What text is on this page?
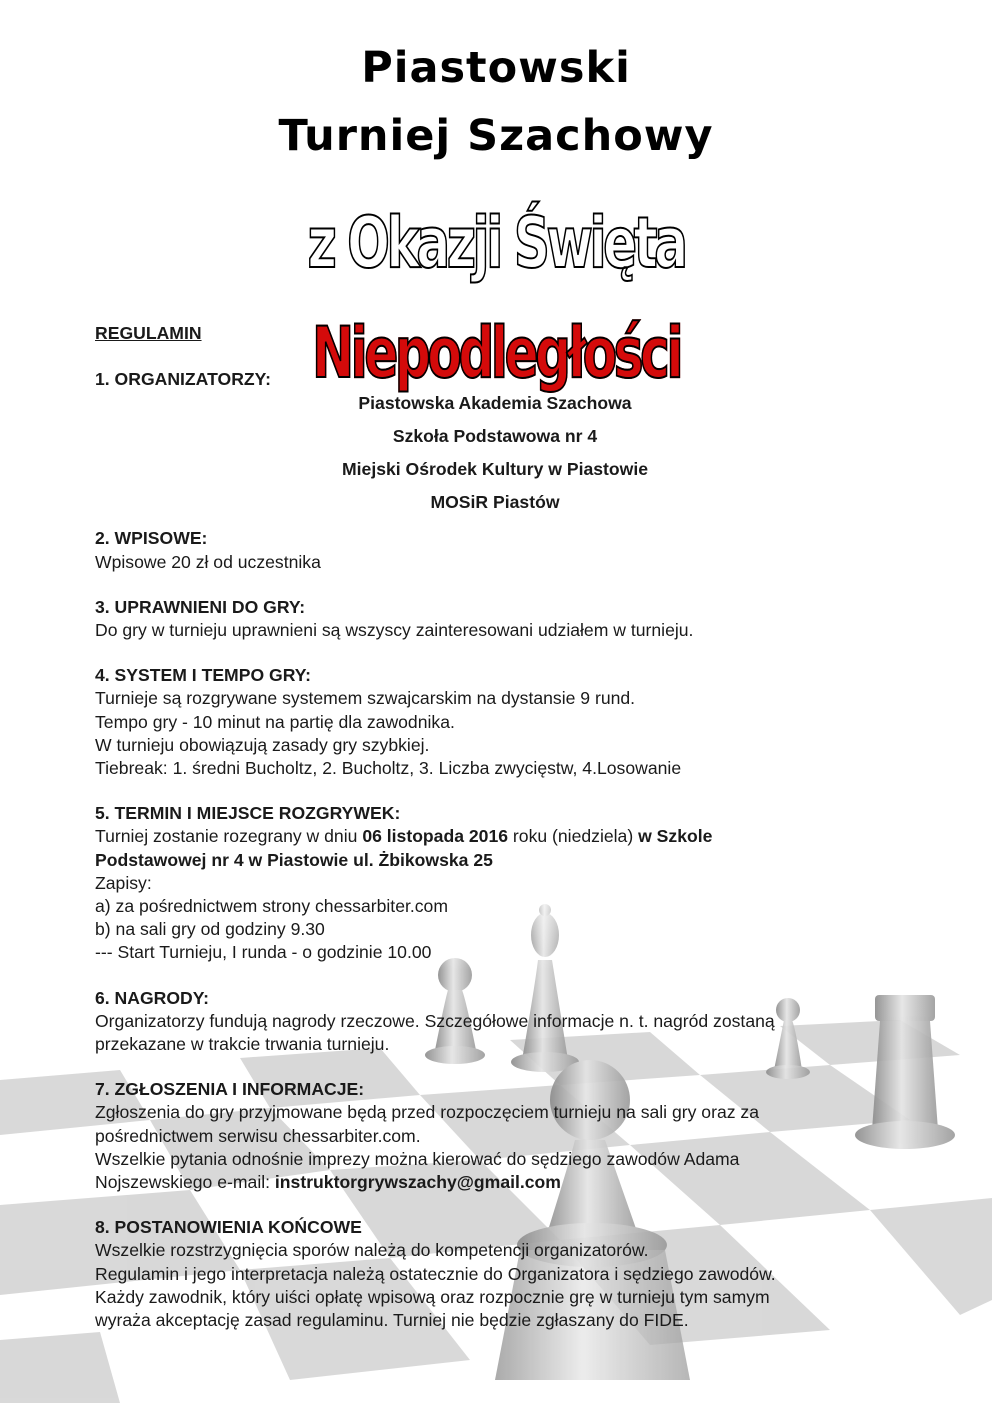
Piastowski
Turniej Szachowy
z Okazji Święta Niepodległości
REGULAMIN
1. ORGANIZATORZY:
Piastowska Akademia Szachowa
Szkoła Podstawowa nr 4
Miejski Ośrodek Kultury w Piastowie
MOSiR Piastów
2. WPISOWE:
Wpisowe 20 zł od uczestnika
3. UPRAWNIENI DO GRY:
Do gry w turnieju uprawnieni są wszyscy zainteresowani udziałem w turnieju.
4. SYSTEM I TEMPO GRY:
Turnieje są rozgrywane systemem szwajcarskim na dystansie 9 rund.
Tempo gry - 10 minut na partię dla zawodnika.
W turnieju obowiązują zasady gry szybkiej.
Tiebreak: 1. średni Bucholtz, 2. Bucholtz, 3. Liczba zwycięstw, 4.Losowanie
5. TERMIN I MIEJSCE ROZGRYWEK:
Turniej zostanie rozegrany w dniu 06 listopada 2016 roku (niedziela) w Szkole
Podstawowej nr 4 w Piastowie ul. Żbikowska 25
Zapisy:
a) za pośrednictwem strony chessarbiter.com
b) na sali gry od godziny 9.30
--- Start Turnieju, I runda - o godzinie 10.00
6. NAGRODY:
Organizatorzy fundują nagrody rzeczowe. Szczegółowe informacje n. t. nagród zostaną
przekazane w trakcie trwania turnieju.
7. ZGŁOSZENIA I INFORMACJE:
Zgłoszenia do gry przyjmowane będą przed rozpoczęciem turnieju na sali gry oraz za
pośrednictwem serwisu chessarbiter.com.
Wszelkie pytania odnośnie imprezy można kierować do sędziego zawodów Adama
Nojszewskiego e-mail: instruktorgrywszachy@gmail.com
8. POSTANOWIENIA KOŃCOWE
Wszelkie rozstrzygnięcia sporów należą do kompetencji organizatorów.
Regulamin i jego interpretacja należą ostatecznie do Organizatora i sędziego zawodów.
Każdy zawodnik, który uiści opłatę wpisową oraz rozpocznie grę w turnieju tym samym
wyraża akceptację zasad regulaminu. Turniej nie będzie zgłaszany do FIDE.
